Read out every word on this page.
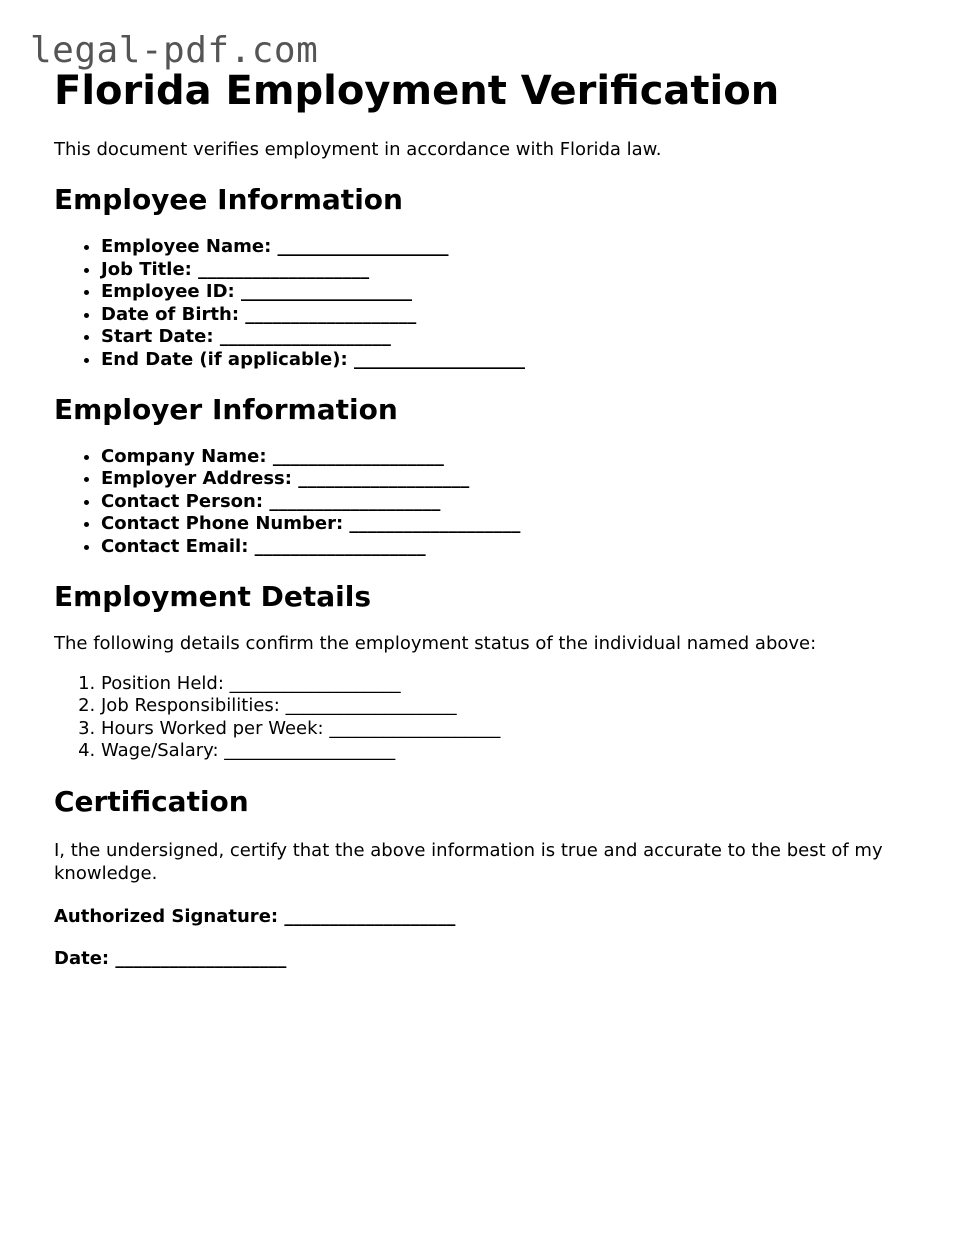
legal-pdf.com
Florida Employment Verification

This document verifies employment in accordance with Florida law.

Employee Information
• Employee Name: ___________________
• Job Title: ___________________
• Employee ID: ___________________
• Date of Birth: ___________________
• Start Date: ___________________
• End Date (if applicable): ___________________
Employer Information
• Company Name: ___________________
• Employer Address: ___________________
• Contact Person: ___________________
• Contact Phone Number: ___________________
• Contact Email: ___________________
Employment Details

The following details confirm the employment status of the individual named above:

1. Position Held: ___________________
2. Job Responsibilities: ___________________
3. Hours Worked per Week: ___________________
4. Wage/Salary: ___________________
Certification

I, the undersigned, certify that the above information is true and accurate to the best of my knowledge.

Authorized Signature: ___________________

Date: ___________________
